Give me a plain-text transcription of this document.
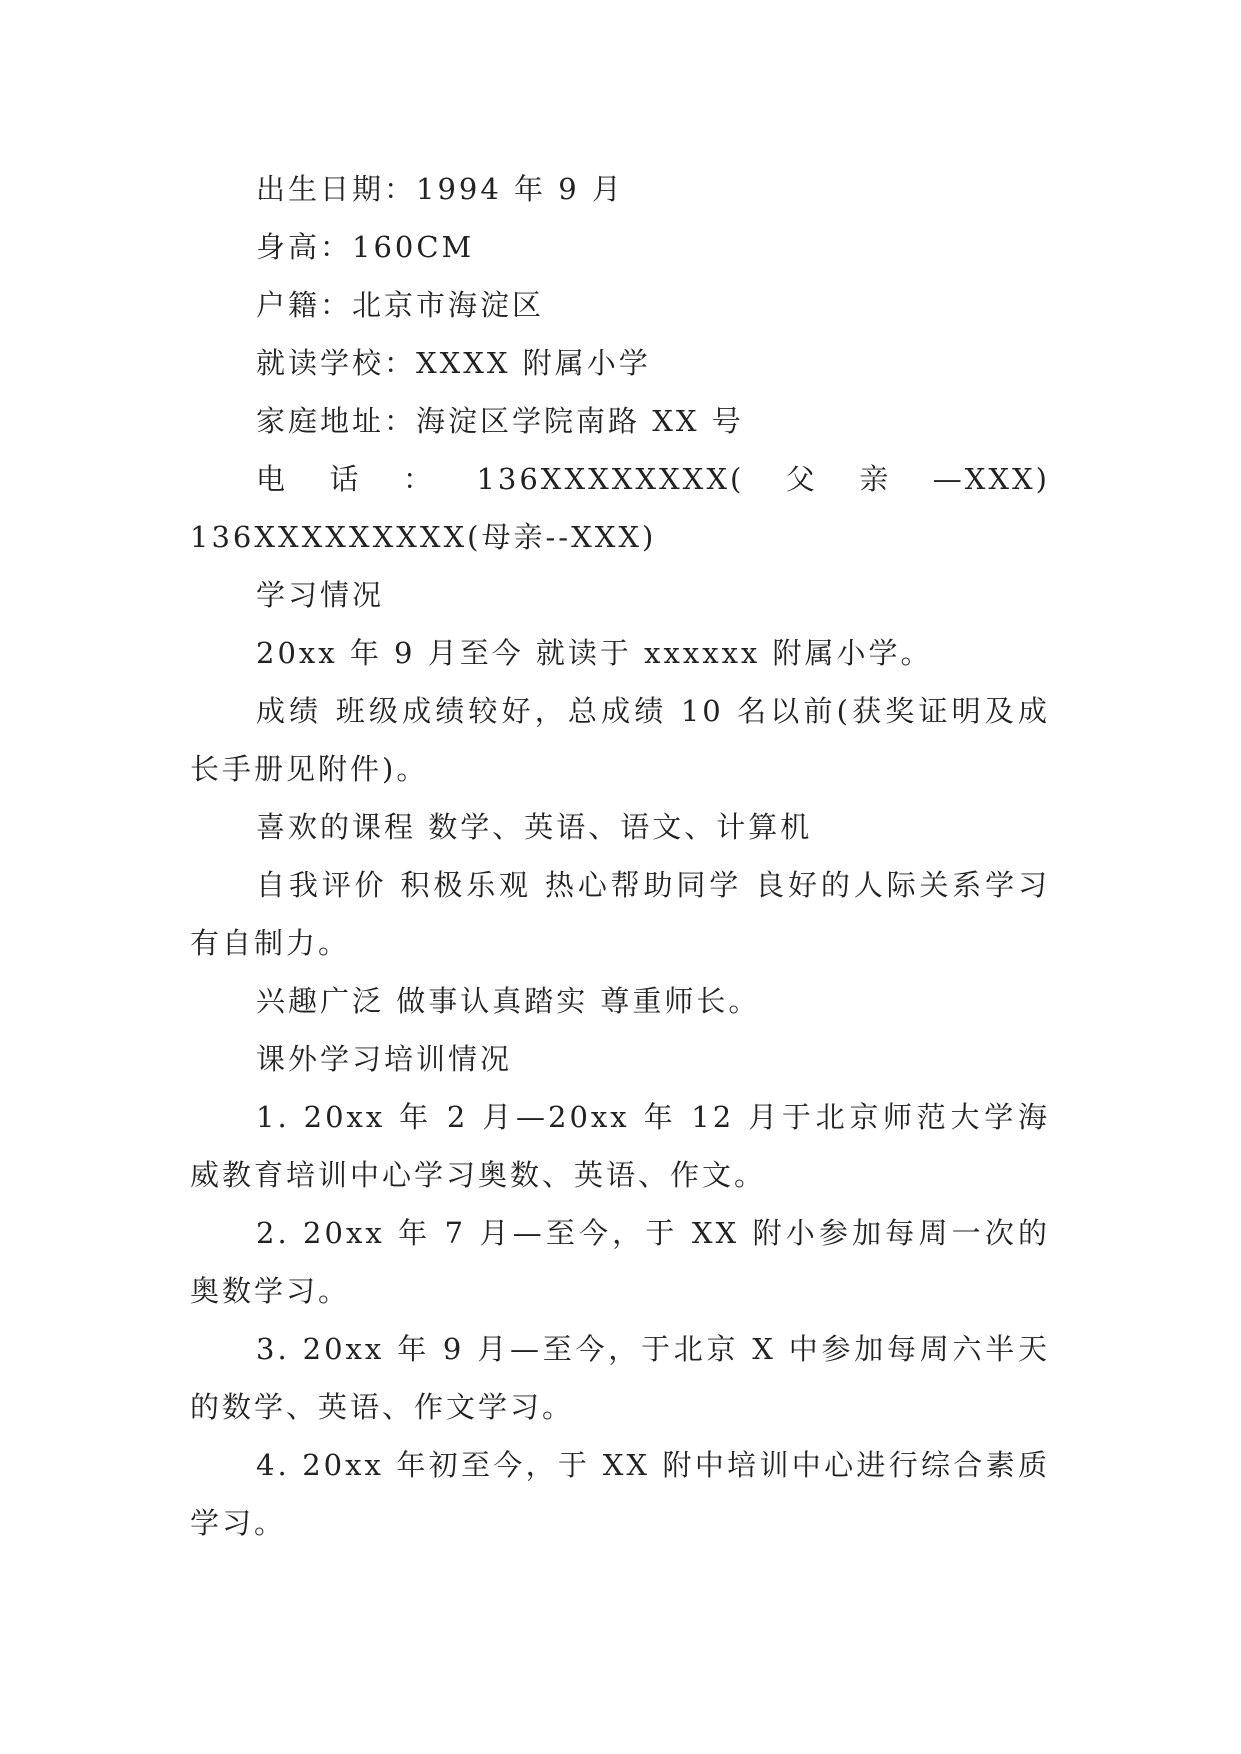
出生日期：1994 年 9 月

身高：160CM

户籍：北京市海淀区

就读学校：XXXX 附属小学

家庭地址：海淀区学院南路 XX 号

电话：136XXXXXXXX(父亲—XXX) 136XXXXXXXXX(母亲--XXX)

学习情况

20xx 年 9 月至今 就读于 xxxxxx 附属小学。

成绩 班级成绩较好，总成绩 10 名以前(获奖证明及成长手册见附件)。

喜欢的课程 数学、英语、语文、计算机

自我评价 积极乐观 热心帮助同学 良好的人际关系学习有自制力。

兴趣广泛 做事认真踏实 尊重师长。

课外学习培训情况

1. 20xx 年 2 月—20xx 年 12 月于北京师范大学海威教育培训中心学习奥数、英语、作文。

2. 20xx 年 7 月—至今，于 XX 附小参加每周一次的奥数学习。

3. 20xx 年 9 月—至今，于北京 X 中参加每周六半天的数学、英语、作文学习。

4. 20xx 年初至今，于 XX 附中培训中心进行综合素质学习。
